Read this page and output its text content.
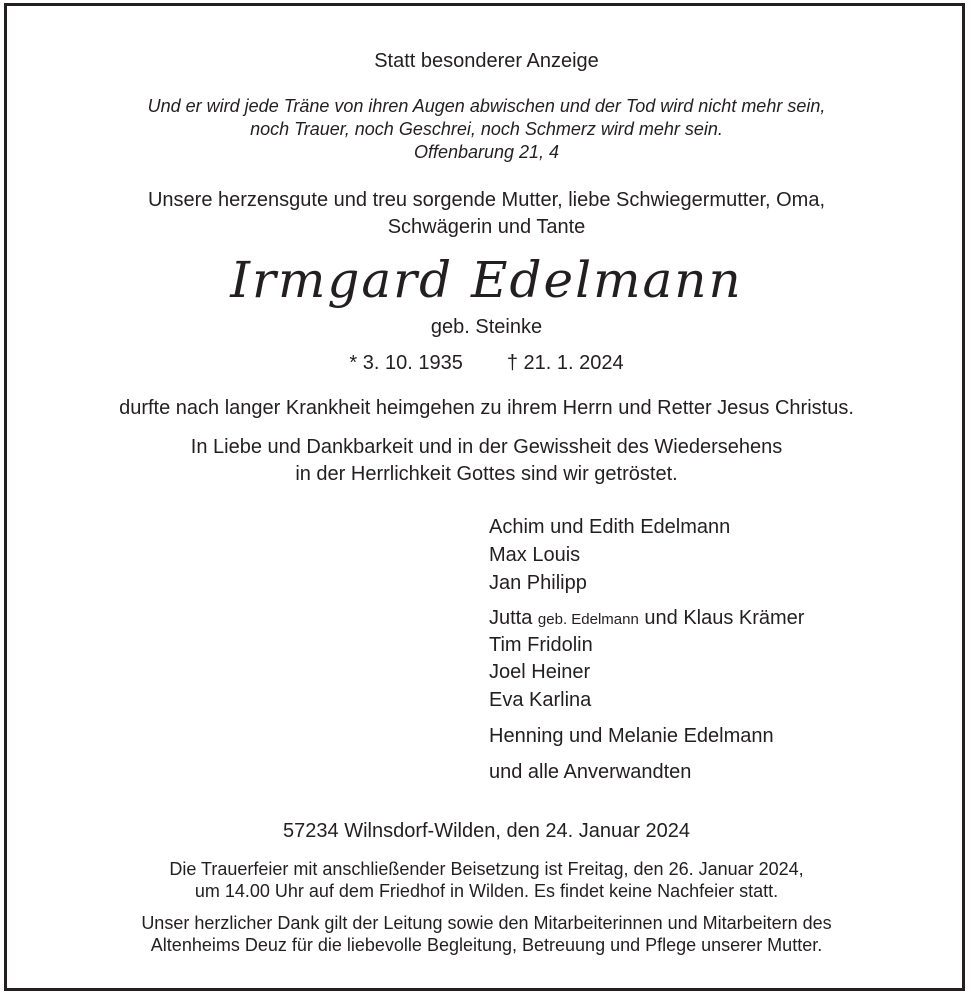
Statt besonderer Anzeige
Und er wird jede Träne von ihren Augen abwischen und der Tod wird nicht mehr sein,
noch Trauer, noch Geschrei, noch Schmerz wird mehr sein.
Offenbarung 21, 4
Unsere herzensgute und treu sorgende Mutter, liebe Schwiegermutter, Oma,
Schwägerin und Tante
Irmgard Edelmann
geb. Steinke
* 3. 10. 1935 † 21. 1. 2024
durfte nach langer Krankheit heimgehen zu ihrem Herrn und Retter Jesus Christus.
In Liebe und Dankbarkeit und in der Gewissheit des Wiedersehens
in der Herrlichkeit Gottes sind wir getröstet.
Achim und Edith Edelmann
Max Louis
Jan Philipp
Jutta geb. Edelmann und Klaus Krämer
Tim Fridolin
Joel Heiner
Eva Karlina
Henning und Melanie Edelmann
und alle Anverwandten
57234 Wilnsdorf-Wilden, den 24. Januar 2024
Die Trauerfeier mit anschließender Beisetzung ist Freitag, den 26. Januar 2024,
um 14.00 Uhr auf dem Friedhof in Wilden. Es findet keine Nachfeier statt.
Unser herzlicher Dank gilt der Leitung sowie den Mitarbeiterinnen und Mitarbeitern des
Altenheims Deuz für die liebevolle Begleitung, Betreuung und Pflege unserer Mutter.
